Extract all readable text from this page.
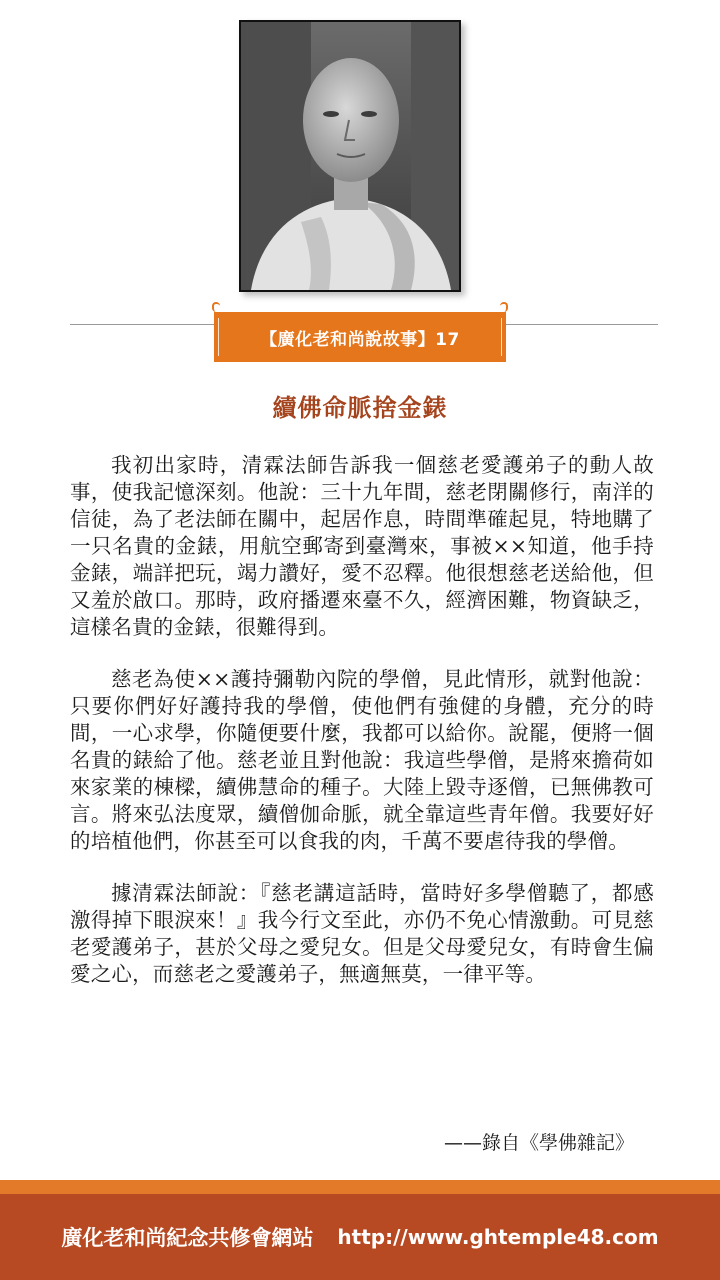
【廣化老和尚說故事】17
續佛命脈捨金錶

我初出家時，清霖法師告訴我一個慈老愛護弟子的動人故事，使我記憶深刻。他說：三十九年間，慈老閉關修行，南洋的信徒，為了老法師在關中，起居作息，時間準確起見，特地購了一只名貴的金錶，用航空郵寄到臺灣來，事被××知道，他手持金錶，端詳把玩，竭力讚好，愛不忍釋。他很想慈老送給他，但又羞於啟口。那時，政府播遷來臺不久，經濟困難，物資缺乏，這樣名貴的金錶，很難得到。

慈老為使××護持彌勒內院的學僧，見此情形，就對他說：只要你們好好護持我的學僧，使他們有強健的身體，充分的時間，一心求學，你隨便要什麼，我都可以給你。說罷，便將一個名貴的錶給了他。慈老並且對他說：我這些學僧，是將來擔荷如來家業的棟樑，續佛慧命的種子。大陸上毀寺逐僧，已無佛教可言。將來弘法度眾，續僧伽命脈，就全靠這些青年僧。我要好好的培植他們，你甚至可以食我的肉，千萬不要虐待我的學僧。

據清霖法師說：『慈老講這話時，當時好多學僧聽了，都感激得掉下眼淚來！』我今行文至此，亦仍不免心情激動。可見慈老愛護弟子，甚於父母之愛兒女。但是父母愛兒女，有時會生偏愛之心，而慈老之愛護弟子，無適無莫，一律平等。

——錄自《學佛雜記》
廣化老和尚紀念共修會網站 http://www.ghtemple48.com
